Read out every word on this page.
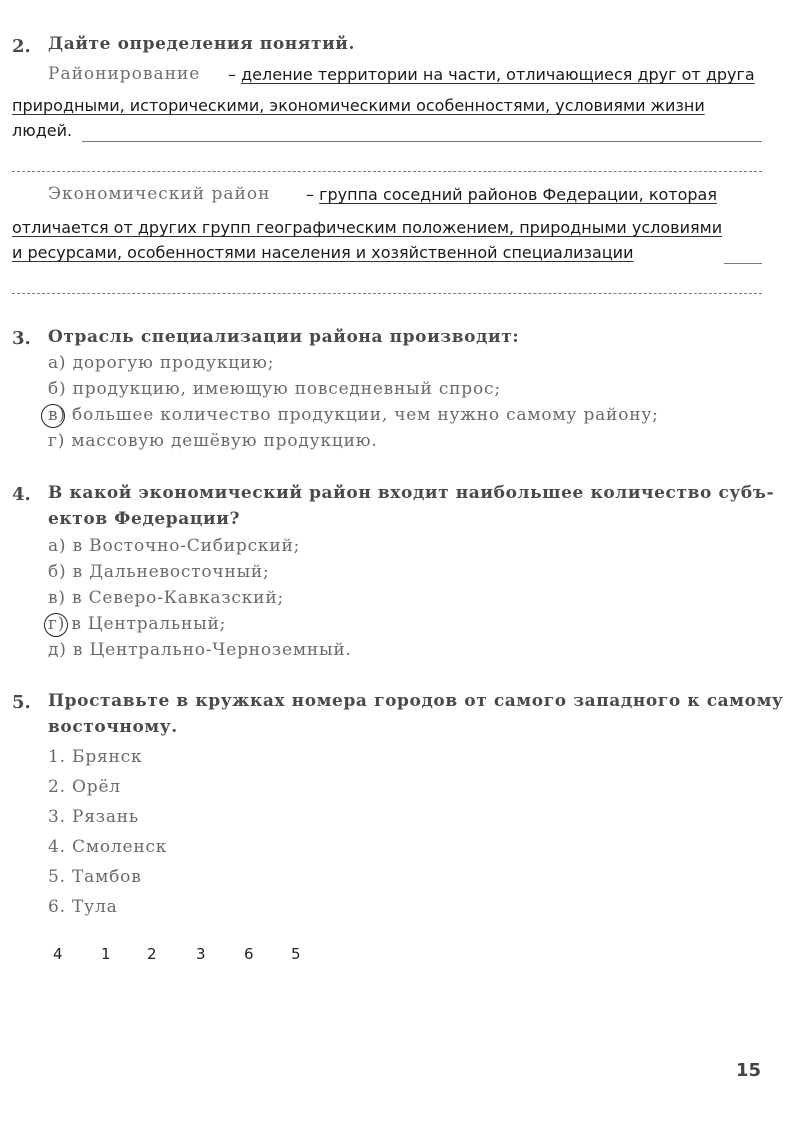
2. Дайте определения понятий.
Районирование – деление территории на части, отличающиеся друг от друга
природными, историческими, экономическими особенностями, условиями жизни
людей.
Экономический район – группа соседний районов Федерации, которая
отличается от других групп географическим положением, природными условиями
и ресурсами, особенностями населения и хозяйственной специализации
3. Отрасль специализации района производит:
а) дорогую продукцию;
б) продукцию, имеющую повседневный спрос;
в) большее количество продукции, чем нужно самому району;
г) массовую дешёвую продукцию.
4. В какой экономический район входит наибольшее количество субъ-
ектов Федерации?
а) в Восточно-Сибирский;
б) в Дальневосточный;
в) в Северо-Кавказский;
г) в Центральный;
д) в Центрально-Черноземный.
5. Проставьте в кружках номера городов от самого западного к самому
восточному.
1. Брянск
2. Орёл
3. Рязань
4. Смоленск
5. Тамбов
6. Тула
4	1 2	3	6 5
15
